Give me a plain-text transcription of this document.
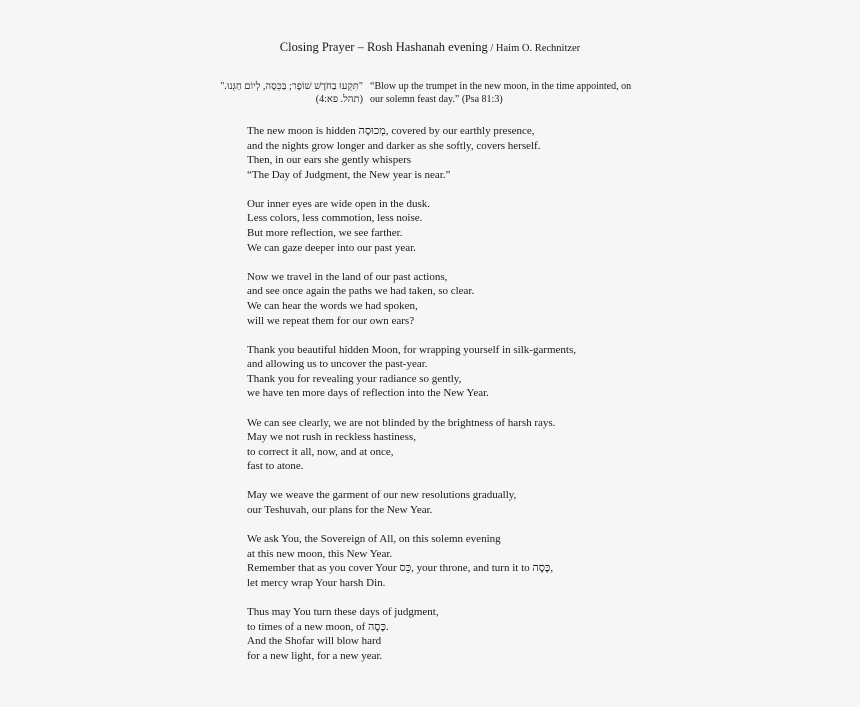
Closing Prayer – Rosh Hashanah evening / Haim O. Rechnitzer
"תִּקְעוּ בַחֹדֶשׁ שׁוֹפָר; בַּכֵּסֶה, לְיוֹם חַגֵּנוּ."
(תהל. פא:4)
“Blow up the trumpet in the new moon, in the time appointed, on
our solemn feast day.” (Psa 81:3)
The new moon is hidden מְכוּסָה, covered by our earthly presence,
and the nights grow longer and darker as she softly, covers herself.
Then, in our ears she gently whispers
“The Day of Judgment, the New year is near.”
Our inner eyes are wide open in the dusk.
Less colors, less commotion, less noise.
But more reflection, we see farther.
We can gaze deeper into our past year.
Now we travel in the land of our past actions,
and see once again the paths we had taken, so clear.
We can hear the words we had spoken,
will we repeat them for our own ears?
Thank you beautiful hidden Moon, for wrapping yourself in silk-garments,
and allowing us to uncover the past-year.
Thank you for revealing your radiance so gently,
we have ten more days of reflection into the New Year.
We can see clearly, we are not blinded by the brightness of harsh rays.
May we not rush in reckless hastiness,
to correct it all, now, and at once,
fast to atone.
May we weave the garment of our new resolutions gradually,
our Teshuvah, our plans for the New Year.
We ask You, the Sovereign of All, on this solemn evening
at this new moon, this New Year.
Remember that as you cover Your כֵּס, your throne, and turn it to כֶּסֶה,
let mercy wrap Your harsh Din.
Thus may You turn these days of judgment,
to times of a new moon, of כֶּסֶה.
And the Shofar will blow hard
for a new light, for a new year.
